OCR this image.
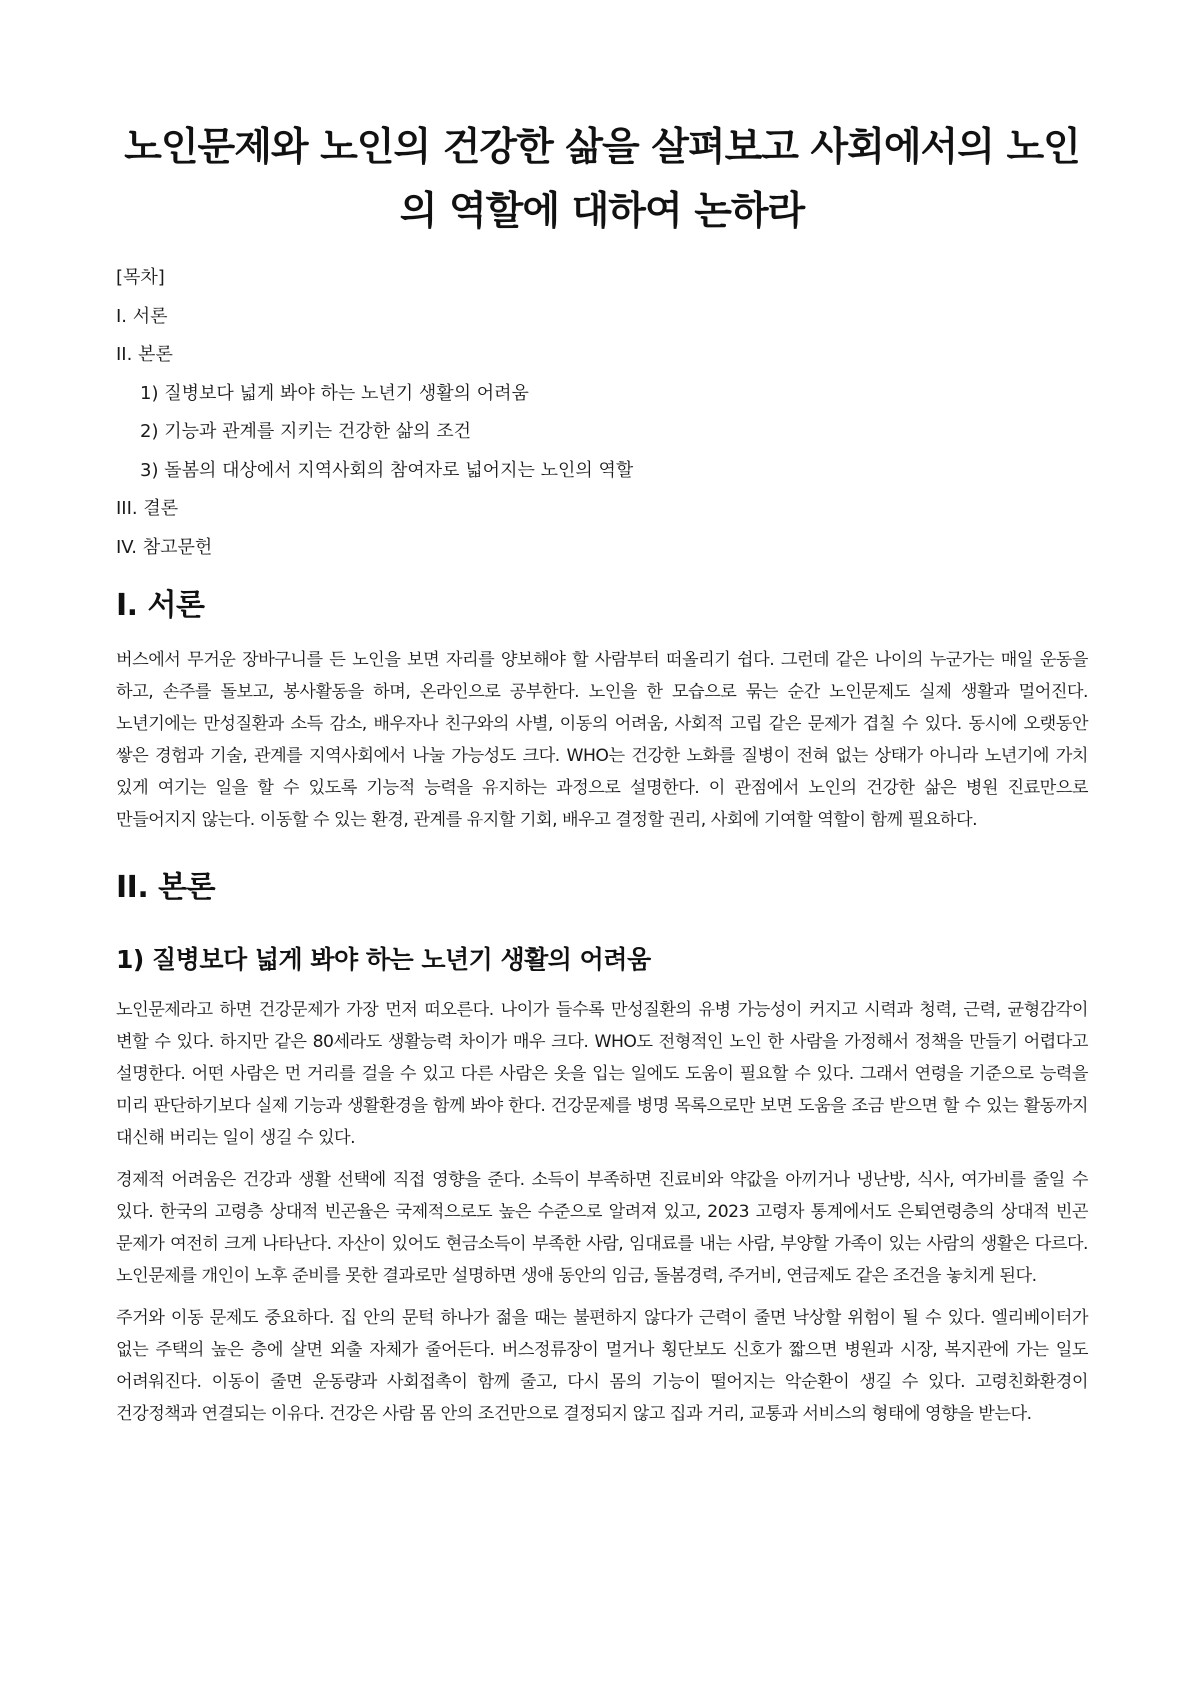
노인문제와 노인의 건강한 삶을 살펴보고 사회에서의 노인의 역할에 대하여 논하라
[목차]
I. 서론
II. 본론
1) 질병보다 넓게 봐야 하는 노년기 생활의 어려움
2) 기능과 관계를 지키는 건강한 삶의 조건
3) 돌봄의 대상에서 지역사회의 참여자로 넓어지는 노인의 역할
III. 결론
IV. 참고문헌
I. 서론

버스에서 무거운 장바구니를 든 노인을 보면 자리를 양보해야 할 사람부터 떠올리기 쉽다. 그런데 같은 나이의 누군가는 매일 운동을 하고, 손주를 돌보고, 봉사활동을 하며, 온라인으로 공부한다. 노인을 한 모습으로 묶는 순간 노인문제도 실제 생활과 멀어진다. 노년기에는 만성질환과 소득 감소, 배우자나 친구와의 사별, 이동의 어려움, 사회적 고립 같은 문제가 겹칠 수 있다. 동시에 오랫동안 쌓은 경험과 기술, 관계를 지역사회에서 나눌 가능성도 크다. WHO는 건강한 노화를 질병이 전혀 없는 상태가 아니라 노년기에 가치 있게 여기는 일을 할 수 있도록 기능적 능력을 유지하는 과정으로 설명한다. 이 관점에서 노인의 건강한 삶은 병원 진료만으로 만들어지지 않는다. 이동할 수 있는 환경, 관계를 유지할 기회, 배우고 결정할 권리, 사회에 기여할 역할이 함께 필요하다.

II. 본론
1) 질병보다 넓게 봐야 하는 노년기 생활의 어려움

노인문제라고 하면 건강문제가 가장 먼저 떠오른다. 나이가 들수록 만성질환의 유병 가능성이 커지고 시력과 청력, 근력, 균형감각이 변할 수 있다. 하지만 같은 80세라도 생활능력 차이가 매우 크다. WHO도 전형적인 노인 한 사람을 가정해서 정책을 만들기 어렵다고 설명한다. 어떤 사람은 먼 거리를 걸을 수 있고 다른 사람은 옷을 입는 일에도 도움이 필요할 수 있다. 그래서 연령을 기준으로 능력을 미리 판단하기보다 실제 기능과 생활환경을 함께 봐야 한다. 건강문제를 병명 목록으로만 보면 도움을 조금 받으면 할 수 있는 활동까지 대신해 버리는 일이 생길 수 있다.

경제적 어려움은 건강과 생활 선택에 직접 영향을 준다. 소득이 부족하면 진료비와 약값을 아끼거나 냉난방, 식사, 여가비를 줄일 수 있다. 한국의 고령층 상대적 빈곤율은 국제적으로도 높은 수준으로 알려져 있고, 2023 고령자 통계에서도 은퇴연령층의 상대적 빈곤 문제가 여전히 크게 나타난다. 자산이 있어도 현금소득이 부족한 사람, 임대료를 내는 사람, 부양할 가족이 있는 사람의 생활은 다르다. 노인문제를 개인이 노후 준비를 못한 결과로만 설명하면 생애 동안의 임금, 돌봄경력, 주거비, 연금제도 같은 조건을 놓치게 된다.

주거와 이동 문제도 중요하다. 집 안의 문턱 하나가 젊을 때는 불편하지 않다가 근력이 줄면 낙상할 위험이 될 수 있다. 엘리베이터가 없는 주택의 높은 층에 살면 외출 자체가 줄어든다. 버스정류장이 멀거나 횡단보도 신호가 짧으면 병원과 시장, 복지관에 가는 일도 어려워진다. 이동이 줄면 운동량과 사회접촉이 함께 줄고, 다시 몸의 기능이 떨어지는 악순환이 생길 수 있다. 고령친화환경이 건강정책과 연결되는 이유다. 건강은 사람 몸 안의 조건만으로 결정되지 않고 집과 거리, 교통과 서비스의 형태에 영향을 받는다.
